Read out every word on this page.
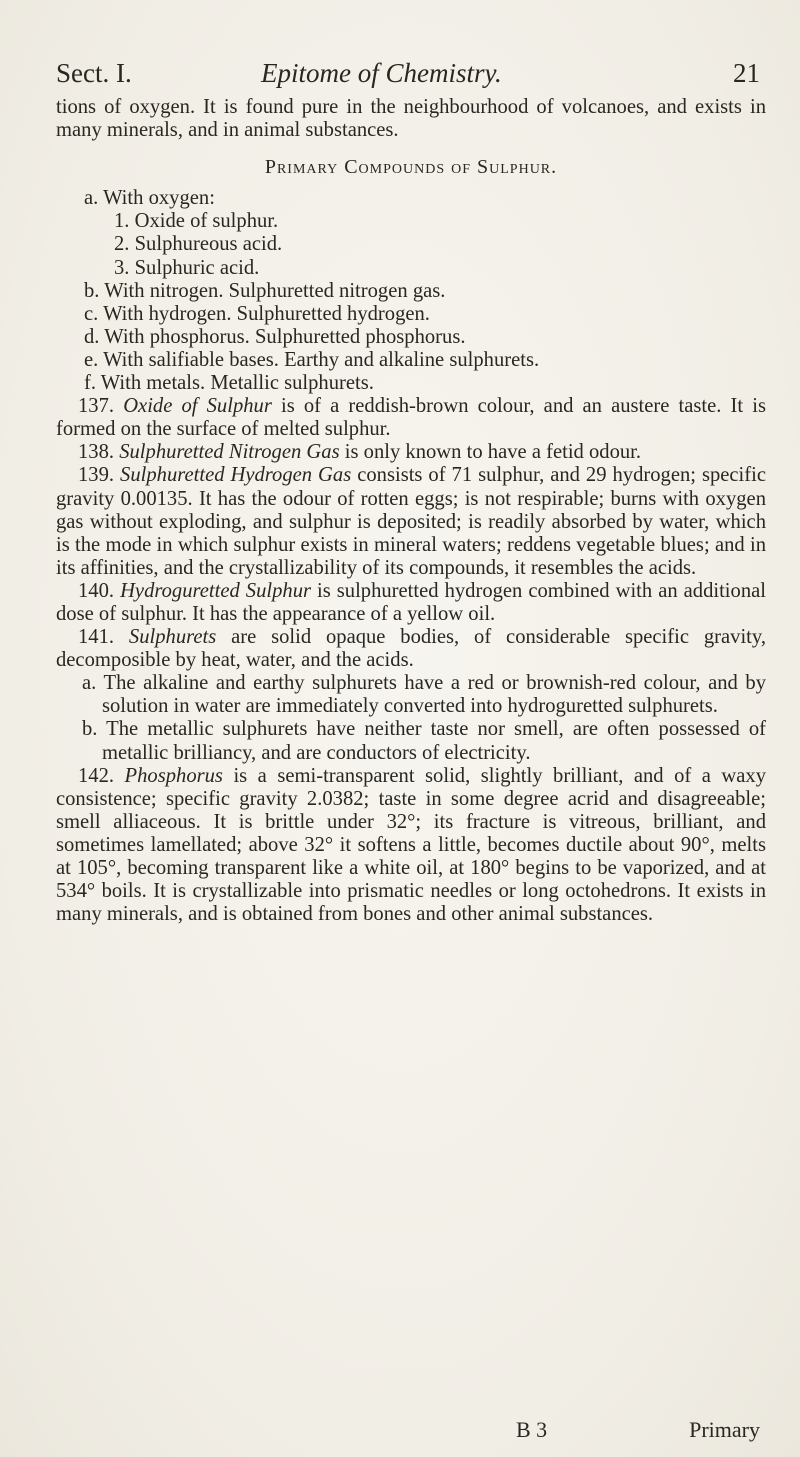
Sect. I.	Epitome of Chemistry.	21

tions of oxygen. It is found pure in the neighbourhood of volcanoes, and exists in many minerals, and in animal substances.

Primary Compounds of Sulphur.

a. With oxygen:
1. Oxide of sulphur.
2. Sulphureous acid.
3. Sulphuric acid.
b. With nitrogen. Sulphuretted nitrogen gas.
c. With hydrogen. Sulphuretted hydrogen.
d. With phosphorus. Sulphuretted phosphorus.
e. With salifiable bases. Earthy and alkaline sulphurets.
f. With metals. Metallic sulphurets.

137. Oxide of Sulphur is of a reddish-brown colour, and an austere taste. It is formed on the surface of melted sulphur.

138. Sulphuretted Nitrogen Gas is only known to have a fetid odour.

139. Sulphuretted Hydrogen Gas consists of 71 sulphur, and 29 hydrogen; specific gravity 0.00135. It has the odour of rotten eggs; is not respirable; burns with oxygen gas without exploding, and sulphur is deposited; is readily absorbed by water, which is the mode in which sulphur exists in mineral waters; reddens vegetable blues; and in its affinities, and the crystallizability of its compounds, it resembles the acids.

140. Hydroguretted Sulphur is sulphuretted hydrogen combined with an additional dose of sulphur. It has the appearance of a yellow oil.

141. Sulphurets are solid opaque bodies, of considerable specific gravity, decomposible by heat, water, and the acids.

a. The alkaline and earthy sulphurets have a red or brownish-red colour, and by solution in water are immediately converted into hydroguretted sulphurets.

b. The metallic sulphurets have neither taste nor smell, are often possessed of metallic brilliancy, and are conductors of electricity.

142. Phosphorus is a semi-transparent solid, slightly brilliant, and of a waxy consistence; specific gravity 2.0382; taste in some degree acrid and disagreeable; smell alliaceous. It is brittle under 32°; its fracture is vitreous, brilliant, and sometimes lamellated; above 32° it softens a little, becomes ductile about 90°, melts at 105°, becoming transparent like a white oil, at 180° begins to be vaporized, and at 534° boils. It is crystallizable into prismatic needles or long octohedrons. It exists in many minerals, and is obtained from bones and other animal substances.

B 3	Primary
